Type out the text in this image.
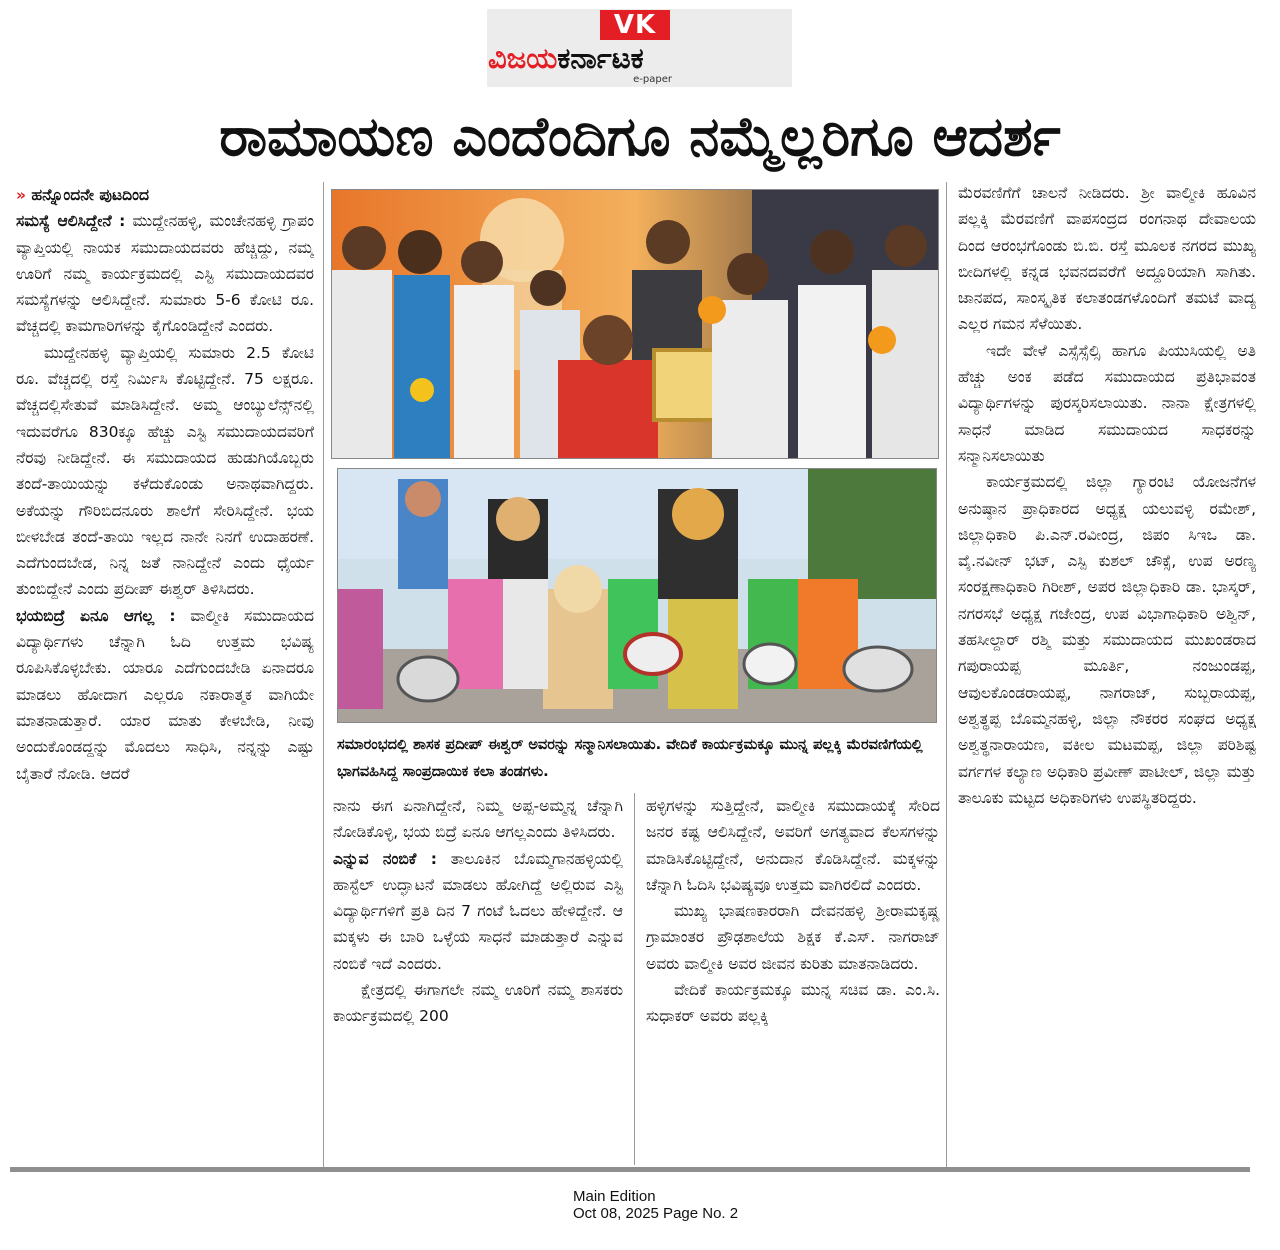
VK
ವಿಜಯಕರ್ನಾಟಕ
e-paper
ರಾಮಾಯಣ ಎಂದೆಂದಿಗೂ ನಮ್ಮೆಲ್ಲರಿಗೂ ಆದರ್ಶ

» ಹನ್ನೊಂದನೇ ಪುಟದಿಂದ

ಸಮಸ್ಯೆ ಆಲಿಸಿದ್ದೇನೆ : ಮುದ್ದೇನಹಳ್ಳಿ, ಮಂಚೇನಹಳ್ಳಿ ಗ್ರಾಪಂ ವ್ಯಾಪ್ತಿಯಲ್ಲಿ ನಾಯಕ ಸಮುದಾಯದವರು ಹೆಚ್ಚಿದ್ದು, ನಮ್ಮ ಊರಿಗೆ ನಮ್ಮ ಕಾರ್ಯಕ್ರಮದಲ್ಲಿ ಎಸ್ಟಿ ಸಮುದಾಯದವರ ಸಮಸ್ಯೆಗಳನ್ನು ಆಲಿಸಿದ್ದೇನೆ. ಸುಮಾರು 5-6 ಕೋಟಿ ರೂ. ವೆಚ್ಚದಲ್ಲಿ ಕಾಮಗಾರಿಗಳನ್ನು ಕೈಗೊಂಡಿದ್ದೇನೆ ಎಂದರು.

ಮುದ್ದೇನಹಳ್ಳಿ ವ್ಯಾಪ್ತಿಯಲ್ಲಿ ಸುಮಾರು 2.5 ಕೋಟಿ ರೂ. ವೆಚ್ಚದಲ್ಲಿ ರಸ್ತೆ ನಿರ್ಮಿಸಿ ಕೊಟ್ಟಿದ್ದೇನೆ. 75 ಲಕ್ಷರೂ. ವೆಚ್ಚದಲ್ಲಿಸೇತುವೆ ಮಾಡಿಸಿದ್ದೇನೆ. ಅಮ್ಮ ಆಂಬ್ಯುಲೆನ್ಸ್‌ನಲ್ಲಿ ಇದುವರೆಗೂ 830ಕ್ಕೂ ಹೆಚ್ಚು ಎಸ್ಟಿ ಸಮುದಾಯದವರಿಗೆ ನೆರವು ನೀಡಿದ್ದೇನೆ. ಈ ಸಮುದಾಯದ ಹುಡುಗಿಯೊಬ್ಬರು ತಂದೆ-ತಾಯಿಯನ್ನು ಕಳೆದುಕೊಂಡು ಅನಾಥವಾಗಿದ್ದರು. ಅಕೆಯನ್ನು ಗೌರಿಬಿದನೂರು ಶಾಲೆಗೆ ಸೇರಿಸಿದ್ದೇನೆ. ಭಯ ಬೀಳಬೇಡ ತಂದೆ-ತಾಯಿ ಇಲ್ಲದ ನಾನೇ ನಿನಗೆ ಉದಾಹರಣೆ. ಎದೆಗುಂದಬೇಡ, ನಿನ್ನ ಜತೆ ನಾನಿದ್ದೇನೆ ಎಂದು ಧೈರ್ಯ ತುಂಬಿದ್ದೇನೆ ಎಂದು ಪ್ರದೀಪ್ ಈಶ್ವರ್ ತಿಳಿಸಿದರು.

ಭಯಬಿದ್ರೆ ಏನೂ ಆಗಲ್ಲ : ವಾಲ್ಮೀಕಿ ಸಮುದಾಯದ ವಿದ್ಯಾರ್ಥಿಗಳು ಚೆನ್ನಾಗಿ ಓದಿ ಉತ್ತಮ ಭವಿಷ್ಯ ರೂಪಿಸಿಕೊಳ್ಳಬೇಕು. ಯಾರೂ ಎದೆಗುಂದಬೇಡಿ ಏನಾದರೂ ಮಾಡಲು ಹೋದಾಗ ಎಲ್ಲರೂ ನಕಾರಾತ್ಮಕ ವಾಗಿಯೇ ಮಾತನಾಡುತ್ತಾರೆ. ಯಾರ ಮಾತು ಕೇಳಬೇಡಿ, ನೀವು ಅಂದುಕೊಂಡದ್ದನ್ನು ಮೊದಲು ಸಾಧಿಸಿ, ನನ್ನನ್ನು ಎಷ್ಟು ಬೈತಾರೆ ನೋಡಿ. ಆದರೆ

ಸಮಾರಂಭದಲ್ಲಿ ಶಾಸಕ ಪ್ರದೀಪ್ ಈಶ್ವರ್ ಅವರನ್ನು ಸನ್ಮಾನಿಸಲಾಯಿತು. ವೇದಿಕೆ ಕಾರ್ಯಕ್ರಮಕ್ಕೂ ಮುನ್ನ ಪಲ್ಲಕ್ಕಿ ಮೆರವಣಿಗೆಯಲ್ಲಿ ಭಾಗವಹಿಸಿದ್ದ ಸಾಂಪ್ರದಾಯಿಕ ಕಲಾ ತಂಡಗಳು.

ನಾನು ಈಗ ಏನಾಗಿದ್ದೇನೆ, ನಿಮ್ಮ ಅಪ್ಪ-ಅಮ್ಮನ್ನ ಚೆನ್ನಾಗಿ ನೋಡಿಕೊಳ್ಳಿ, ಭಯ ಬಿದ್ರೆ ಏನೂ ಆಗಲ್ಲಎಂದು ತಿಳಿಸಿದರು.

ಎನ್ನುವ ನಂಬಿಕೆ : ತಾಲೂಕಿನ ಬೊಮ್ಮಗಾನಹಳ್ಳಿಯಲ್ಲಿ ಹಾಸ್ಟೆಲ್ ಉದ್ಘಾಟನೆ ಮಾಡಲು ಹೋಗಿದ್ದೆ ಅಲ್ಲಿರುವ ಎಸ್ಟಿ ವಿದ್ಯಾರ್ಥಿಗಳಿಗೆ ಪ್ರತಿ ದಿನ 7 ಗಂಟೆ ಓದಲು ಹೇಳಿದ್ದೇನೆ. ಆ ಮಕ್ಕಳು ಈ ಬಾರಿ ಒಳ್ಳೆಯ ಸಾಧನೆ ಮಾಡುತ್ತಾರೆ ಎನ್ನುವ ನಂಬಿಕೆ ಇದೆ ಎಂದರು.

ಕ್ಷೇತ್ರದಲ್ಲಿ ಈಗಾಗಲೇ ನಮ್ಮ ಊರಿಗೆ ನಮ್ಮ ಶಾಸಕರು ಕಾರ್ಯಕ್ರಮದಲ್ಲಿ 200

ಹಳ್ಳಿಗಳನ್ನು ಸುತ್ತಿದ್ದೇನೆ, ವಾಲ್ಮೀಕಿ ಸಮುದಾಯಕ್ಕೆ ಸೇರಿದ ಜನರ ಕಷ್ಟ ಆಲಿಸಿದ್ದೇನೆ, ಅವರಿಗೆ ಅಗತ್ಯವಾದ ಕೆಲಸಗಳನ್ನು ಮಾಡಿಸಿಕೊಟ್ಟಿದ್ದೇನೆ, ಅನುದಾನ ಕೊಡಿಸಿದ್ದೇನೆ. ಮಕ್ಕಳನ್ನು ಚೆನ್ನಾಗಿ ಓದಿಸಿ ಭವಿಷ್ಯವೂ ಉತ್ತಮ ವಾಗಿರಲಿದೆ ಎಂದರು.

ಮುಖ್ಯ ಭಾಷಣಕಾರರಾಗಿ ದೇವನಹಳ್ಳಿ ಶ್ರೀರಾಮಕೃಷ್ಣ ಗ್ರಾಮಾಂತರ ಪ್ರೌಢಶಾಲೆಯ ಶಿಕ್ಷಕ ಕೆ.ಎಸ್. ನಾಗರಾಜ್ ಅವರು ವಾಲ್ಮೀಕಿ ಅವರ ಜೀವನ ಕುರಿತು ಮಾತನಾಡಿದರು.

ವೇದಿಕೆ ಕಾರ್ಯಕ್ರಮಕ್ಕೂ ಮುನ್ನ ಸಚಿವ ಡಾ. ಎಂ.ಸಿ. ಸುಧಾಕರ್ ಅವರು ಪಲ್ಲಕ್ಕಿ

ಮೆರವಣಿಗೆಗೆ ಚಾಲನೆ ನೀಡಿದರು. ಶ್ರೀ ವಾಲ್ಮೀಕಿ ಹೂವಿನ ಪಲ್ಲಕ್ಕಿ ಮೆರವಣಿಗೆ ವಾಪಸಂದ್ರದ ರಂಗನಾಥ ದೇವಾಲಯ ದಿಂದ ಆರಂಭಗೊಂಡು ಬಿ.ಬಿ. ರಸ್ತೆ ಮೂಲಕ ನಗರದ ಮುಖ್ಯ ಬೀದಿಗಳಲ್ಲಿ ಕನ್ನಡ ಭವನದವರೆಗೆ ಅದ್ದೂರಿಯಾಗಿ ಸಾಗಿತು. ಜಾನಪದ, ಸಾಂಸ್ಕೃತಿಕ ಕಲಾತಂಡಗಳೊಂದಿಗೆ ತಮಟೆ ವಾದ್ಯ ಎಲ್ಲರ ಗಮನ ಸೆಳೆಯಿತು.

ಇದೇ ವೇಳೆ ಎಸ್ಸೆಸ್ಸೆಲ್ಸಿ ಹಾಗೂ ಪಿಯುಸಿಯಲ್ಲಿ ಅತಿ ಹೆಚ್ಚು ಅಂಕ ಪಡೆದ ಸಮುದಾಯದ ಪ್ರತಿಭಾವಂತ ವಿದ್ಯಾರ್ಥಿಗಳನ್ನು ಪುರಸ್ಕರಿಸಲಾಯಿತು. ನಾನಾ ಕ್ಷೇತ್ರಗಳಲ್ಲಿ ಸಾಧನೆ ಮಾಡಿದ ಸಮುದಾಯದ ಸಾಧಕರನ್ನು ಸನ್ಮಾನಿಸಲಾಯಿತು

ಕಾರ್ಯಕ್ರಮದಲ್ಲಿ ಜಿಲ್ಲಾ ಗ್ಯಾರಂಟಿ ಯೋಜನೆಗಳ ಅನುಷ್ಠಾನ ಪ್ರಾಧಿಕಾರದ ಅಧ್ಯಕ್ಷ ಯಲುವಳ್ಳಿ ರಮೇಶ್, ಜಿಲ್ಲಾಧಿಕಾರಿ ಪಿ.ಎನ್.ರವೀಂದ್ರ, ಜಿಪಂ ಸಿಇಒ ಡಾ. ವೈ.ನವೀನ್ ಭಟ್, ಎಸ್ಪಿ ಕುಶಲ್ ಚೌಕ್ಸೆ, ಉಪ ಅರಣ್ಯ ಸಂರಕ್ಷಣಾಧಿಕಾರಿ ಗಿರೀಶ್, ಅಪರ ಜಿಲ್ಲಾಧಿಕಾರಿ ಡಾ. ಭಾಸ್ಕರ್, ನಗರಸಭೆ ಅಧ್ಯಕ್ಷ ಗಜೇಂದ್ರ, ಉಪ ವಿಭಾಗಾಧಿಕಾರಿ ಅಶ್ವಿನ್, ತಹಸೀಲ್ದಾರ್ ರಶ್ಮಿ ಮತ್ತು ಸಮುದಾಯದ ಮುಖಂಡರಾದ ಗಪುರಾಯಪ್ಪ ಮೂರ್ತಿ, ನಂಜುಂಡಪ್ಪ, ಆವುಲಕೊಂಡರಾಯಪ್ಪ, ನಾಗರಾಜ್, ಸುಬ್ಬರಾಯಪ್ಪ, ಅಶ್ವತ್ಥಪ್ಪ ಬೊಮ್ಮನಹಳ್ಳಿ, ಜಿಲ್ಲಾ ನೌಕರರ ಸಂಘದ ಅಧ್ಯಕ್ಷ ಅಶ್ವತ್ಥನಾರಾಯಣ, ವಕೀಲ ಮಟಮಪ್ಪ, ಜಿಲ್ಲಾ ಪರಿಶಿಷ್ಟ ವರ್ಗಗಳ ಕಲ್ಯಾಣ ಅಧಿಕಾರಿ ಪ್ರವೀಣ್ ಪಾಟೀಲ್, ಜಿಲ್ಲಾ ಮತ್ತು ತಾಲೂಕು ಮಟ್ಟದ ಅಧಿಕಾರಿಗಳು ಉಪಸ್ಥಿತರಿದ್ದರು.

Main Edition
Oct 08, 2025 Page No. 2
